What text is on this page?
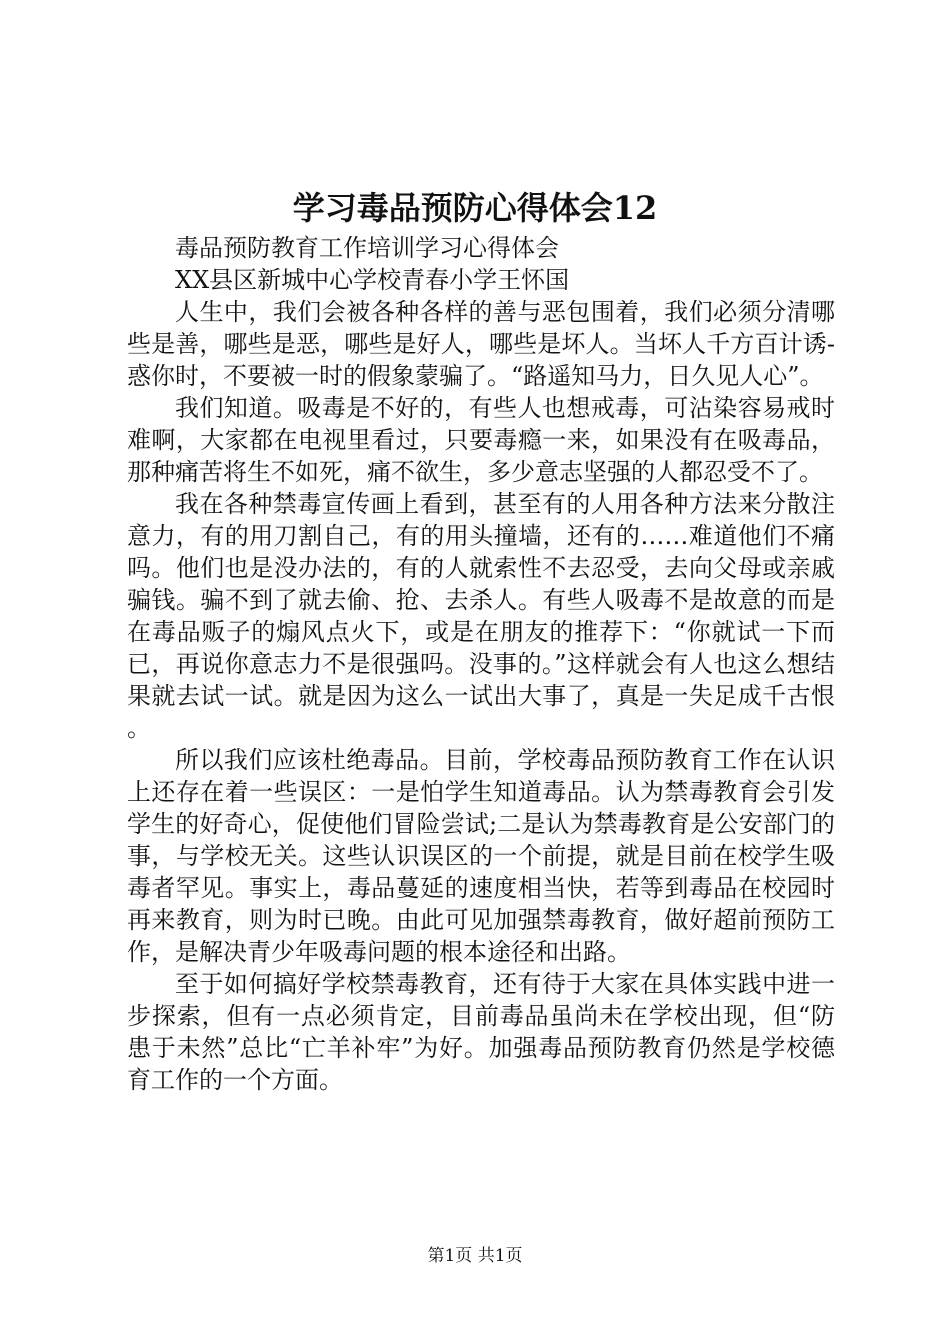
学习毒品预防心得体会12

毒品预防教育工作培训学习心得体会

XX县区新城中心学校青春小学王怀国

人生中，我们会被各种各样的善与恶包围着，我们必须分清哪些是善，哪些是恶，哪些是好人，哪些是坏人。当坏人千方百计诱-惑你时，不要被一时的假象蒙骗了。“路遥知马力，日久见人心”。

我们知道。吸毒是不好的，有些人也想戒毒，可沾染容易戒时难啊，大家都在电视里看过，只要毒瘾一来，如果没有在吸毒品，那种痛苦将生不如死，痛不欲生，多少意志坚强的人都忍受不了。

我在各种禁毒宣传画上看到，甚至有的人用各种方法来分散注意力，有的用刀割自己，有的用头撞墙，还有的……难道他们不痛吗。他们也是没办法的，有的人就索性不去忍受，去向父母或亲戚骗钱。骗不到了就去偷、抢、去杀人。有些人吸毒不是故意的而是在毒品贩子的煽风点火下，或是在朋友的推荐下：“你就试一下而已，再说你意志力不是很强吗。没事的。”这样就会有人也这么想结果就去试一试。就是因为这么一试出大事了，真是一失足成千古恨。

所以我们应该杜绝毒品。目前，学校毒品预防教育工作在认识上还存在着一些误区：一是怕学生知道毒品。认为禁毒教育会引发学生的好奇心，促使他们冒险尝试;二是认为禁毒教育是公安部门的事，与学校无关。这些认识误区的一个前提，就是目前在校学生吸毒者罕见。事实上，毒品蔓延的速度相当快，若等到毒品在校园时再来教育，则为时已晚。由此可见加强禁毒教育，做好超前预防工作，是解决青少年吸毒问题的根本途径和出路。

至于如何搞好学校禁毒教育，还有待于大家在具体实践中进一步探索，但有一点必须肯定，目前毒品虽尚未在学校出现，但“防患于未然”总比“亡羊补牢”为好。加强毒品预防教育仍然是学校德育工作的一个方面。

第1页 共1页
